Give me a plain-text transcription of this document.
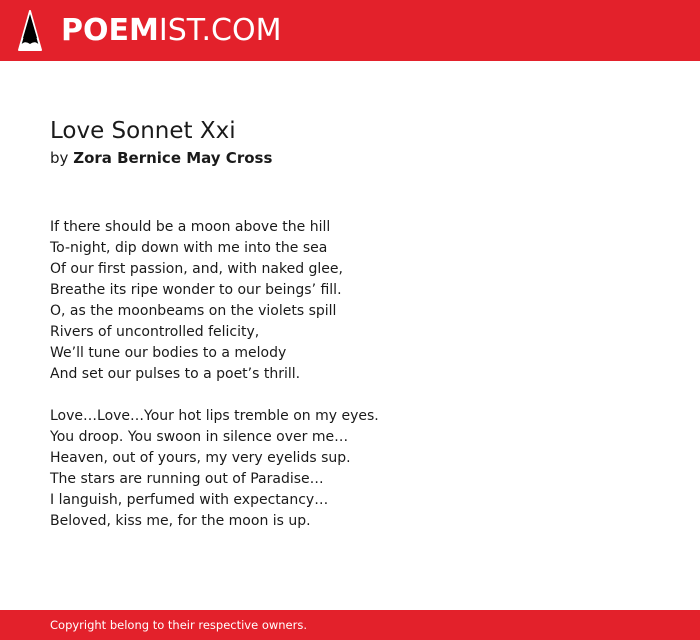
POEMIST.COM
Love Sonnet Xxi
by Zora Bernice May Cross
If there should be a moon above the hill
To-night, dip down with me into the sea
Of our first passion, and, with naked glee,
Breathe its ripe wonder to our beings’ fill.
O, as the moonbeams on the violets spill
Rivers of uncontrolled felicity,
We’ll tune our bodies to a melody
And set our pulses to a poet’s thrill.
Love…Love…Your hot lips tremble on my eyes.
You droop. You swoon in silence over me…
Heaven, out of yours, my very eyelids sup.
The stars are running out of Paradise…
I languish, perfumed with expectancy…
Beloved, kiss me, for the moon is up.
Copyright belong to their respective owners.
